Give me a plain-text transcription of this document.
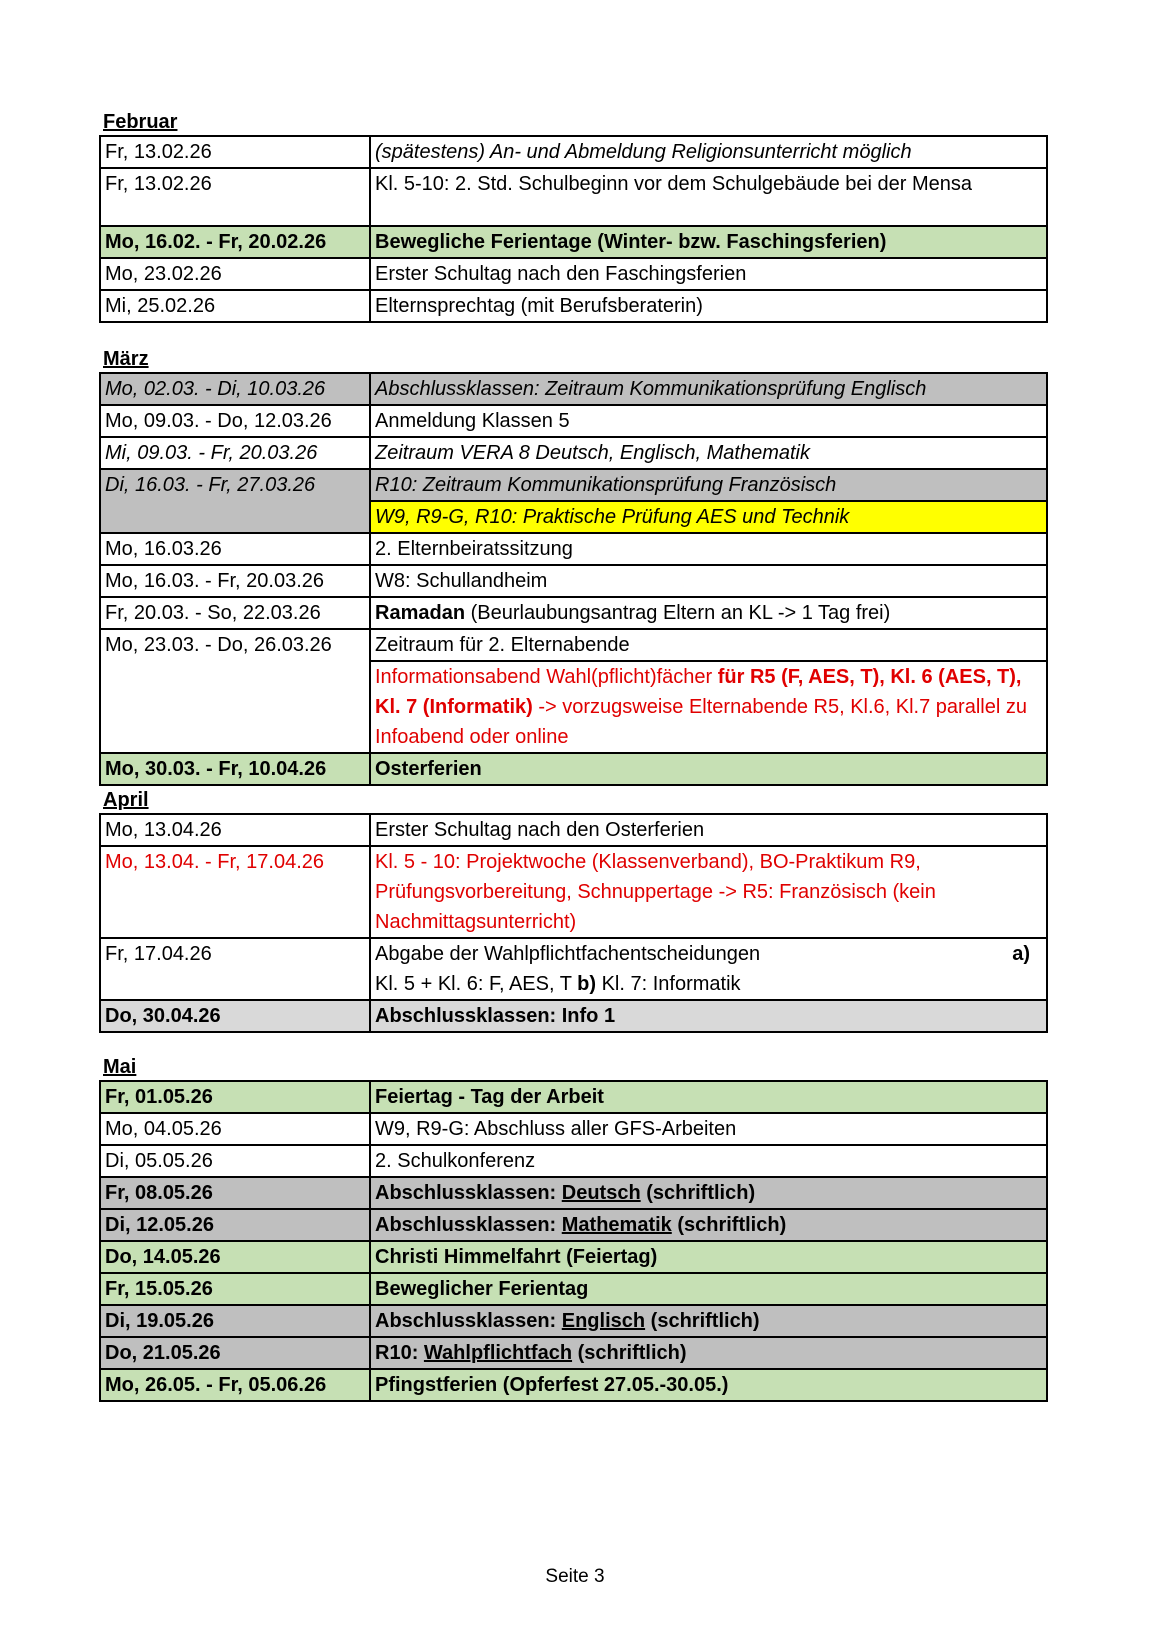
Februar
Fr, 13.02.26	(spätestens) An- und Abmeldung Religionsunterricht möglich
Fr, 13.02.26	Kl. 5-10: 2. Std. Schulbeginn vor dem Schulgebäude bei der Mensa
Mo, 16.02. - Fr, 20.02.26	Bewegliche Ferientage (Winter- bzw. Faschingsferien)
Mo, 23.02.26	Erster Schultag nach den Faschingsferien
Mi, 25.02.26	Elternsprechtag (mit Berufsberaterin)
März
Mo, 02.03. - Di, 10.03.26	Abschlussklassen: Zeitraum Kommunikationsprüfung Englisch
Mo, 09.03. - Do, 12.03.26	Anmeldung Klassen 5
Mi, 09.03. - Fr, 20.03.26	Zeitraum VERA 8 Deutsch, Englisch, Mathematik
Di, 16.03. - Fr, 27.03.26	R10: Zeitraum Kommunikationsprüfung Französisch
	W9, R9-G, R10: Praktische Prüfung AES und Technik
Mo, 16.03.26	2. Elternbeiratssitzung
Mo, 16.03. - Fr, 20.03.26	W8: Schullandheim
Fr, 20.03. - So, 22.03.26	Ramadan (Beurlaubungsantrag Eltern an KL -> 1 Tag frei)
Mo, 23.03. - Do, 26.03.26	Zeitraum für 2. Elternabende
	Informationsabend Wahl(pflicht)fächer für R5 (F, AES, T), Kl. 6 (AES, T), Kl. 7 (Informatik) -> vorzugsweise Elternabende R5, Kl.6, Kl.7 parallel zu Infoabend oder online
Mo, 30.03. - Fr, 10.04.26	Osterferien
April
Mo, 13.04.26	Erster Schultag nach den Osterferien
Mo, 13.04. - Fr, 17.04.26	Kl. 5 - 10: Projektwoche (Klassenverband), BO-Praktikum R9, Prüfungsvorbereitung, Schnuppertage -> R5: Französisch (kein Nachmittagsunterricht)
Fr, 17.04.26	Abgabe der Wahlpflichtfachentscheidungen a)

Kl. 5 + Kl. 6: F, AES, T b) Kl. 7: Informatik
Do, 30.04.26	Abschlussklassen: Info 1
Mai
Fr, 01.05.26	Feiertag - Tag der Arbeit
Mo, 04.05.26	W9, R9-G: Abschluss aller GFS-Arbeiten
Di, 05.05.26	2. Schulkonferenz
Fr, 08.05.26	Abschlussklassen: Deutsch (schriftlich)
Di, 12.05.26	Abschlussklassen: Mathematik (schriftlich)
Do, 14.05.26	Christi Himmelfahrt (Feiertag)
Fr, 15.05.26	Beweglicher Ferientag
Di, 19.05.26	Abschlussklassen: Englisch (schriftlich)
Do, 21.05.26	R10: Wahlpflichtfach (schriftlich)
Mo, 26.05. - Fr, 05.06.26	Pfingstferien (Opferfest 27.05.-30.05.)
Seite 3
